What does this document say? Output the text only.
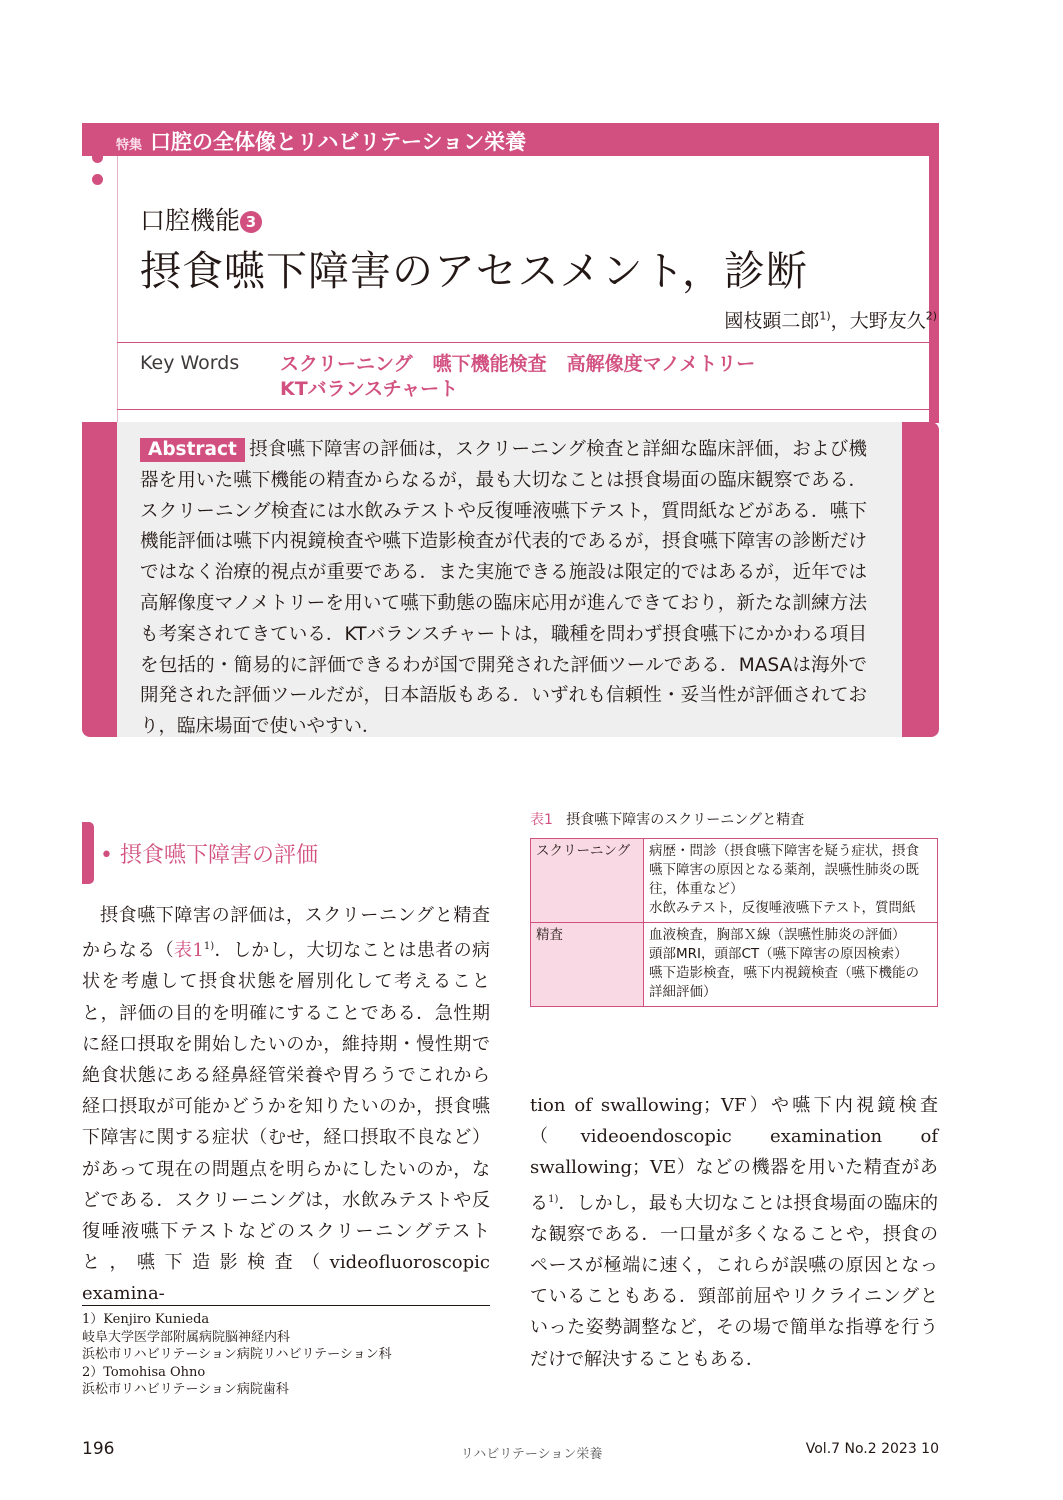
特集 口腔の全体像とリハビリテーション栄養
口腔機能 3
摂食嚥下障害のアセスメント，診断
國枝顕二郎$^{1)}$，大野友久$^{2)}$
Key Words スクリーニング 嚥下機能検査 高解像度マノメトリー
KTバランスチャート
Abstract 摂食嚥下障害の評価は，スクリーニング検査と詳細な臨床評価，および機器を用いた嚥下機能の精査からなるが，最も大切なことは摂食場面の臨床観察である．スクリーニング検査には水飲みテストや反復唾液嚥下テスト，質問紙などがある．嚥下機能評価は嚥下内視鏡検査や嚥下造影検査が代表的であるが，摂食嚥下障害の診断だけではなく治療的視点が重要である．また実施できる施設は限定的ではあるが，近年では高解像度マノメトリーを用いて嚥下動態の臨床応用が進んできており，新たな訓練方法も考案されてきている．KTバランスチャートは，職種を問わず摂食嚥下にかかわる項目を包括的・簡易的に評価できるわが国で開発された評価ツールである．MASAは海外で開発された評価ツールだが，日本語版もある．いずれも信頼性・妥当性が評価されており，臨床場面で使いやすい．
• 摂食嚥下障害の評価

摂食嚥下障害の評価は，スクリーニングと精査からなる（表1$^{1)}$．しかし，大切なことは患者の病状を考慮して摂食状態を層別化して考えることと，評価の目的を明確にすることである．急性期に経口摂取を開始したいのか，維持期・慢性期で絶食状態にある経鼻経管栄養や胃ろうでこれから経口摂取が可能かどうかを知りたいのか，摂食嚥下障害に関する症状（むせ，経口摂取不良など）があって現在の問題点を明らかにしたいのか，などである．スクリーニングは，水飲みテストや反復唾液嚥下テストなどのスクリーニングテストと，嚥下造影検査（videofluoroscopic examina-

表1 摂食嚥下障害のスクリーニングと精査
スクリーニング	病歴・問診（摂食嚥下障害を疑う症状，摂食嚥下障害の原因となる薬剤，誤嚥性肺炎の既往，体重など）
水飲みテスト，反復唾液嚥下テスト，質問紙

精査	血液検査，胸部Ｘ線（誤嚥性肺炎の評価）
頭部MRI，頭部CT（嚥下障害の原因検索）
嚥下造影検査，嚥下内視鏡検査（嚥下機能の詳細評価）

tion of swallowing；VF）や嚥下内視鏡検査（videoendoscopic examination of swallowing；VE）などの機器を用いた精査がある$^{1)}$．しかし，最も大切なことは摂食場面の臨床的な観察である．一口量が多くなることや，摂食のペースが極端に速く，これらが誤嚥の原因となっていることもある．頸部前屈やリクライニングといった姿勢調整など，その場で簡単な指導を行うだけで解決することもある．

1）Kenjiro Kunieda
岐阜大学医学部附属病院脳神経内科
浜松市リハビリテーション病院リハビリテーション科
2）Tomohisa Ohno
浜松市リハビリテーション病院歯科
196	リハビリテーション栄養	Vol.7 No.2 2023 10
